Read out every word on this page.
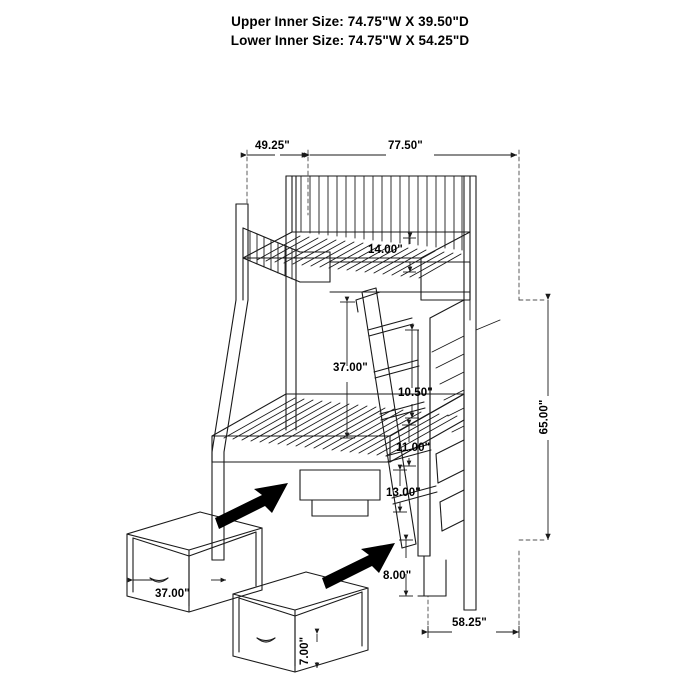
Upper Inner Size: 74.75"W X 39.50"D
Lower Inner Size: 74.75"W X 54.25"D
49.25"	77.50"
14.00"
37.00"
10.50"
11.00"
13.00"
8.00"
65.00"
58.25"
37.00"
7.00"
